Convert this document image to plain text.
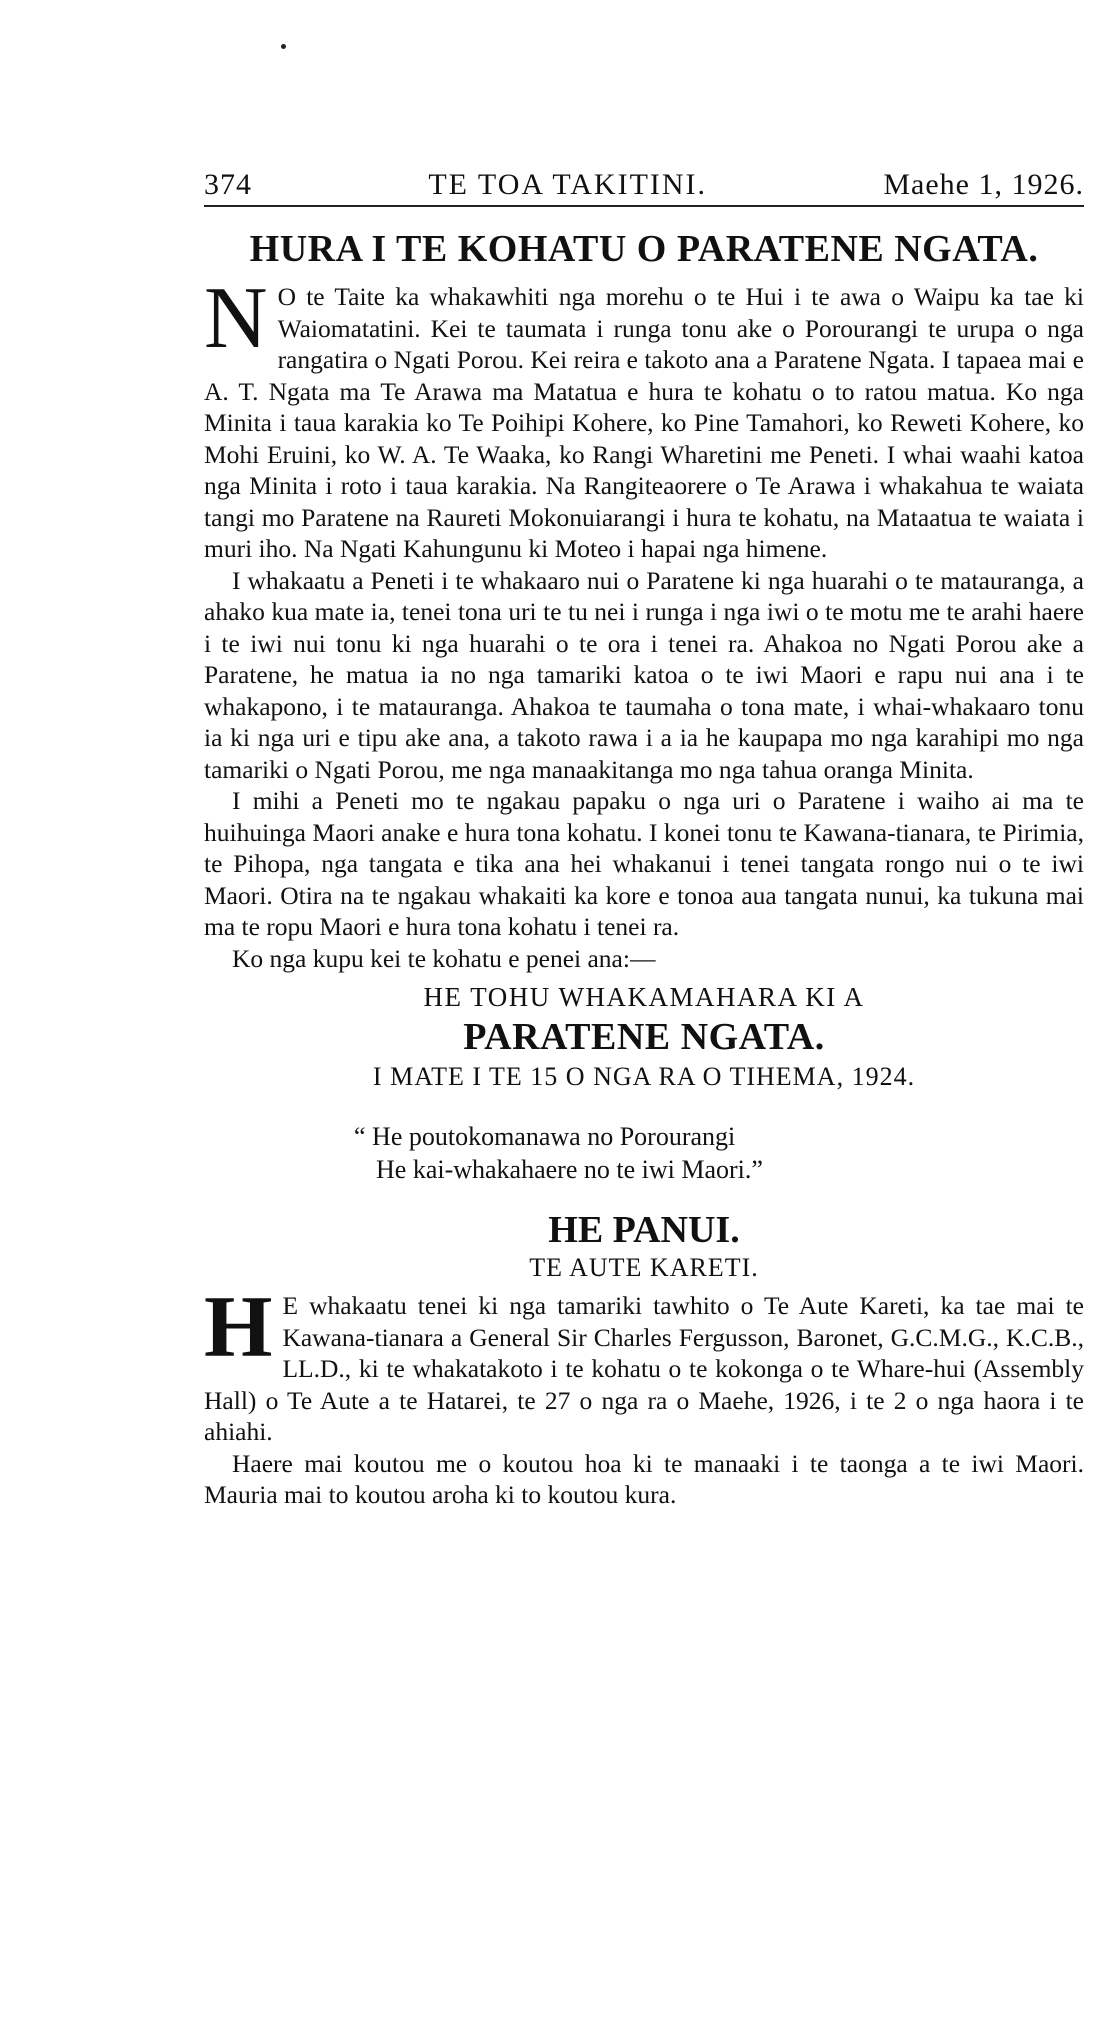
374	TE TOA TAKITINI.	Maehe 1, 1926.
HURA I TE KOHATU O PARATENE NGATA.

N O te Taite ka whakawhiti nga morehu o te Hui i te awa o Waipu ka tae ki Waiomatatini. Kei te taumata i runga tonu ake o Porourangi te urupa o nga rangatira o Ngati Porou. Kei reira e takoto ana a Paratene Ngata. I tapaea mai e A. T. Ngata ma Te Arawa ma Matatua e hura te kohatu o to ratou matua. Ko nga Minita i taua karakia ko Te Poihipi Kohere, ko Pine Tamahori, ko Reweti Kohere, ko Mohi Eruini, ko W. A. Te Waaka, ko Rangi Wharetini me Peneti. I whai waahi katoa nga Minita i roto i taua karakia. Na Rangiteaorere o Te Arawa i whakahua te waiata tangi mo Paratene na Raureti Mokonuiarangi i hura te kohatu, na Mataatua te waiata i muri iho. Na Ngati Kahungunu ki Moteo i hapai nga himene.

I whakaatu a Peneti i te whakaaro nui o Paratene ki nga huarahi o te matauranga, a ahako kua mate ia, tenei tona uri te tu nei i runga i nga iwi o te motu me te arahi haere i te iwi nui tonu ki nga huarahi o te ora i tenei ra. Ahakoa no Ngati Porou ake a Paratene, he matua ia no nga tamariki katoa o te iwi Maori e rapu nui ana i te whakapono, i te matauranga. Ahakoa te taumaha o tona mate, i whai-whakaaro tonu ia ki nga uri e tipu ake ana, a takoto rawa i a ia he kaupapa mo nga karahipi mo nga tamariki o Ngati Porou, me nga manaakitanga mo nga tahua oranga Minita.

I mihi a Peneti mo te ngakau papaku o nga uri o Paratene i waiho ai ma te huihuinga Maori anake e hura tona kohatu. I konei tonu te Kawana-tianara, te Pirimia, te Pihopa, nga tangata e tika ana hei whakanui i tenei tangata rongo nui o te iwi Maori. Otira na te ngakau whakaiti ka kore e tonoa aua tangata nunui, ka tukuna mai ma te ropu Maori e hura tona kohatu i tenei ra.

Ko nga kupu kei te kohatu e penei ana:—

HE TOHU WHAKAMAHARA KI A
PARATENE NGATA.
I MATE I TE 15 O NGA RA O TIHEMA, 1924.
“ He poutokomanawa no Porourangi
He kai-whakahaere no te iwi Maori.”
HE PANUI.
TE AUTE KARETI.

H E whakaatu tenei ki nga tamariki tawhito o Te Aute Kareti, ka tae mai te Kawana-tianara a General Sir Charles Fergusson, Baronet, G.C.M.G., K.C.B., LL.D., ki te whakatakoto i te kohatu o te kokonga o te Whare-hui (Assembly Hall) o Te Aute a te Hatarei, te 27 o nga ra o Maehe, 1926, i te 2 o nga haora i te ahiahi.

Haere mai koutou me o koutou hoa ki te manaaki i te taonga a te iwi Maori. Mauria mai to koutou aroha ki to koutou kura.
